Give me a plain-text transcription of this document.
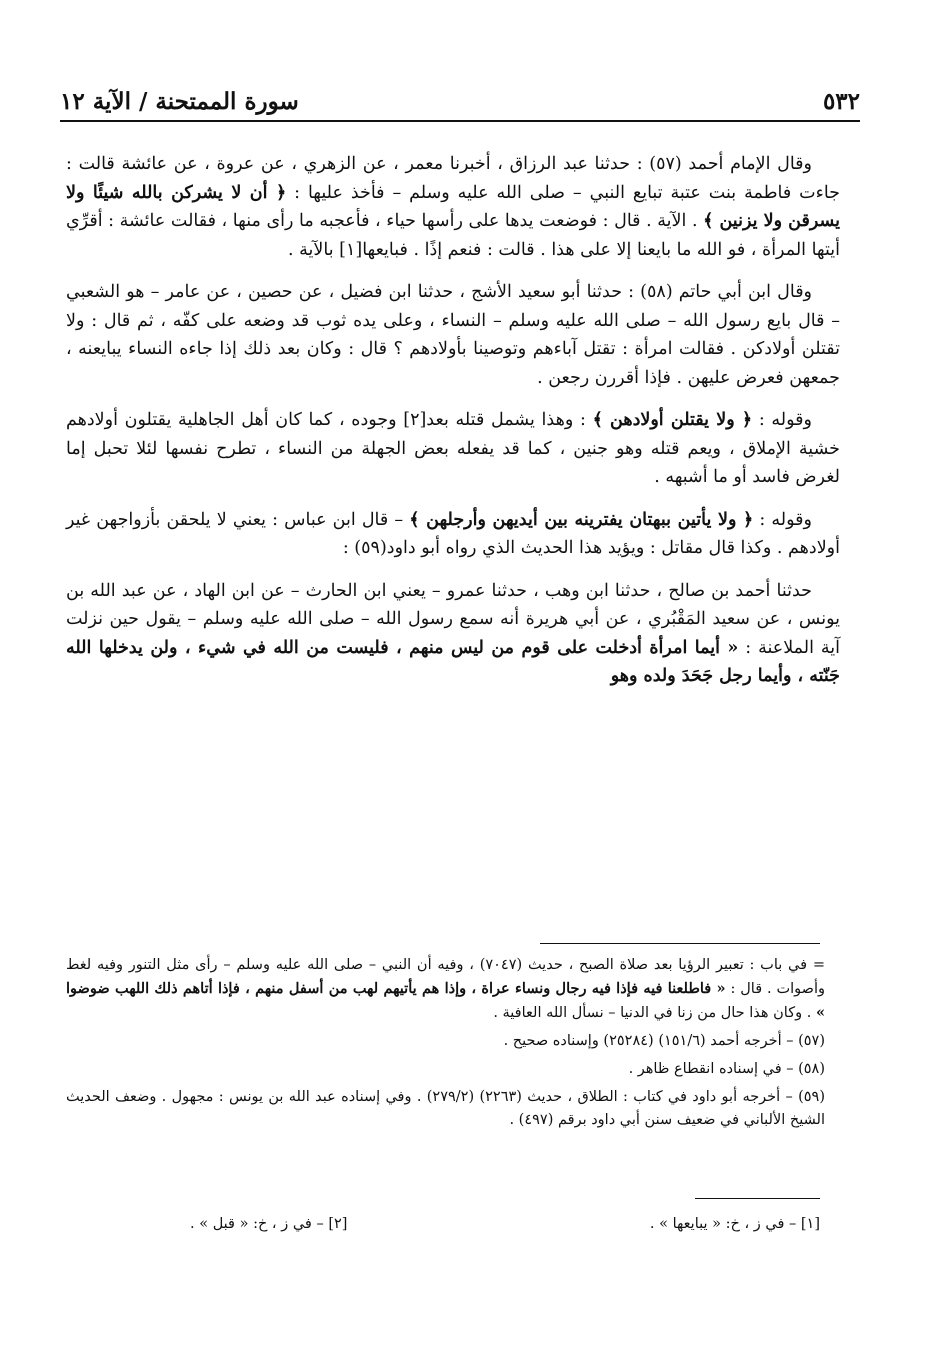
٥٣٢
سورة الممتحنة / الآية ١٢

وقال الإمام أحمد (٥٧) : حدثنا عبد الرزاق ، أخبرنا معمر ، عن الزهري ، عن عروة ، عن عائشة قالت : جاءت فاطمة بنت عتبة تبايع النبي – صلى الله عليه وسلم – فأخذ عليها : ﴿ أن لا يشركن بالله شيئًا ولا يسرقن ولا يزنين ﴾ . الآية . قال : فوضعت يدها على رأسها حياء ، فأعجبه ما رأى منها ، فقالت عائشة : أقرِّي أيتها المرأة ، فو الله ما بايعنا إلا على هذا . قالت : فنعم إذًا . فبايعها[١] بالآية .

وقال ابن أبي حاتم (٥٨) : حدثنا أبو سعيد الأشج ، حدثنا ابن فضيل ، عن حصين ، عن عامر – هو الشعبي – قال بايع رسول الله – صلى الله عليه وسلم – النساء ، وعلى يده ثوب قد وضعه على كفّه ، ثم قال : ولا تقتلن أولادكن . فقالت امرأة : تقتل آباءهم وتوصينا بأولادهم ؟ قال : وكان بعد ذلك إذا جاءه النساء يبايعنه ، جمعهن فعرض عليهن . فإذا أقررن رجعن .

وقوله : ﴿ ولا يقتلن أولادهن ﴾ : وهذا يشمل قتله بعد[٢] وجوده ، كما كان أهل الجاهلية يقتلون أولادهم خشية الإملاق ، ويعم قتله وهو جنين ، كما قد يفعله بعض الجهلة من النساء ، تطرح نفسها لئلا تحبل إما لغرض فاسد أو ما أشبهه .

وقوله : ﴿ ولا يأتين ببهتان يفترينه بين أيديهن وأرجلهن ﴾ – قال ابن عباس : يعني لا يلحقن بأزواجهن غير أولادهم . وكذا قال مقاتل : ويؤيد هذا الحديث الذي رواه أبو داود(٥٩) :

حدثنا أحمد بن صالح ، حدثنا ابن وهب ، حدثنا عمرو – يعني ابن الحارث – عن ابن الهاد ، عن عبد الله بن يونس ، عن سعيد المَقْبُري ، عن أبي هريرة أنه سمع رسول الله – صلى الله عليه وسلم – يقول حين نزلت آية الملاعنة : « أيما امرأة أدخلت على قوم من ليس منهم ، فليست من الله في شيء ، ولن يدخلها الله جَنّته ، وأيما رجل جَحَدَ ولده وهو

= في باب : تعبير الرؤيا بعد صلاة الصبح ، حديث (٧٠٤٧) ، وفيه أن النبي – صلى الله عليه وسلم – رأى مثل التنور وفيه لغط وأصوات . قال : « فاطلعنا فيه فإذا فيه رجال ونساء عراة ، وإذا هم يأتيهم لهب من أسفل منهم ، فإذا أتاهم ذلك اللهب ضوضوا » . وكان هذا حال من زنا في الدنيا – نسأل الله العافية .

(٥٧) – أخرجه أحمد (١٥١/٦) (٢٥٢٨٤) وإسناده صحيح .

(٥٨) – في إسناده انقطاع ظاهر .

(٥٩) – أخرجه أبو داود في كتاب : الطلاق ، حديث (٢٢٦٣) (٢٧٩/٢) . وفي إسناده عبد الله بن يونس : مجهول . وضعف الحديث الشيخ الألباني في ضعيف سنن أبي داود برقم (٤٩٧) .

[١] – في ز ، خ: « يبايعها » .
[٢] – في ز ، خ: « قبل » .
